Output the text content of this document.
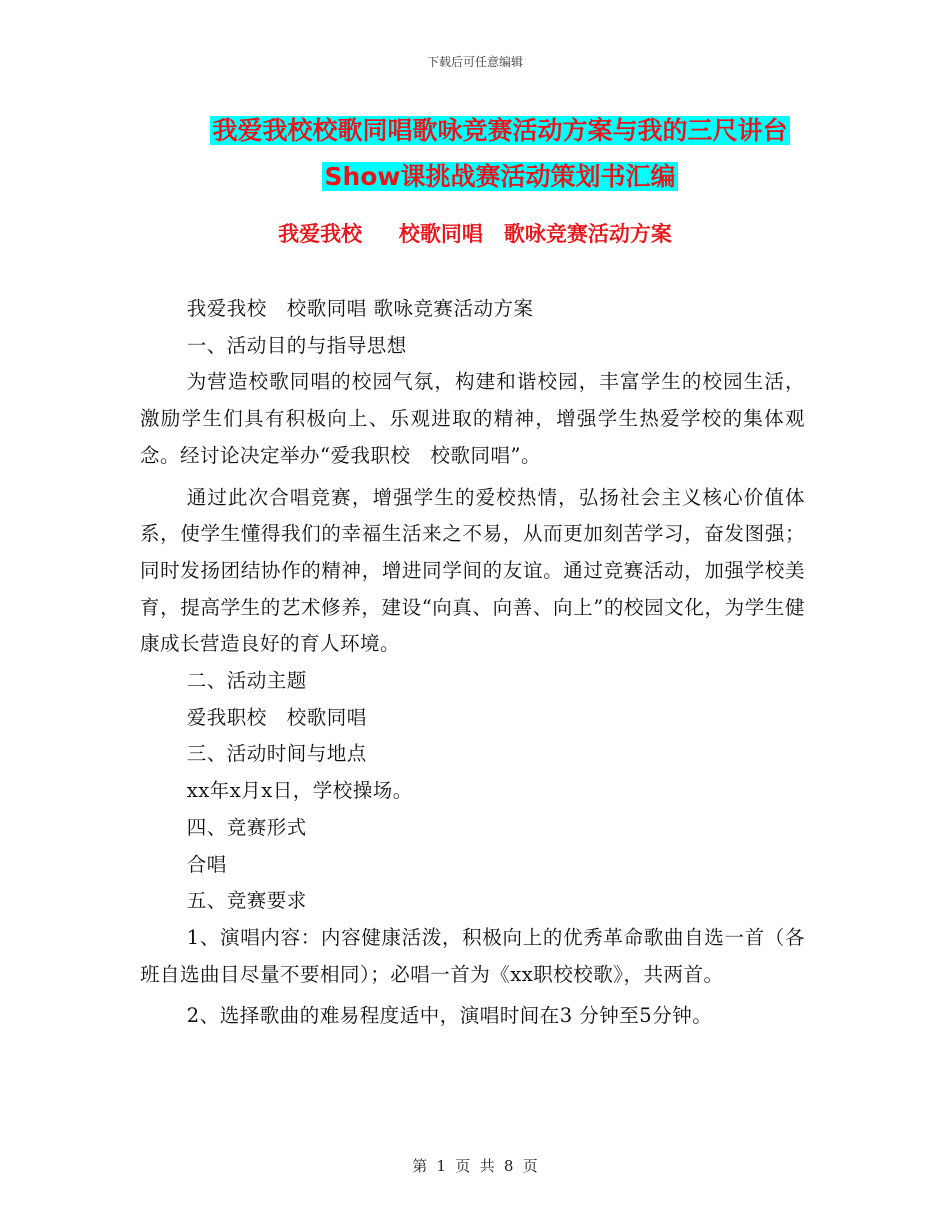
下载后可任意编辑
我爱我校校歌同唱歌咏竞赛活动方案与我的三尺讲台
Show课挑战赛活动策划书汇编
我爱我校　 校歌同唱　歌咏竞赛活动方案

我爱我校　校歌同唱 歌咏竞赛活动方案

一、活动目的与指导思想

为营造校歌同唱的校园气氛，构建和谐校园，丰富学生的校园生活，激励学生们具有积极向上、乐观进取的精神，增强学生热爱学校的集体观念。经讨论决定举办“爱我职校　校歌同唱”。

通过此次合唱竞赛，增强学生的爱校热情，弘扬社会主义核心价值体系，使学生懂得我们的幸福生活来之不易，从而更加刻苦学习，奋发图强；同时发扬团结协作的精神，增进同学间的友谊。通过竞赛活动，加强学校美育，提高学生的艺术修养，建设“向真、向善、向上”的校园文化，为学生健康成长营造良好的育人环境。

二、活动主题

爱我职校　校歌同唱

三、活动时间与地点

xx年x月x日，学校操场。

四、竞赛形式

合唱

五、竞赛要求

1、演唱内容：内容健康活泼，积极向上的优秀革命歌曲自选一首（各班自选曲目尽量不要相同）；必唱一首为《xx职校校歌》，共两首。

2、选择歌曲的难易程度适中，演唱时间在3 分钟至5分钟。

第 1 页 共 8 页
